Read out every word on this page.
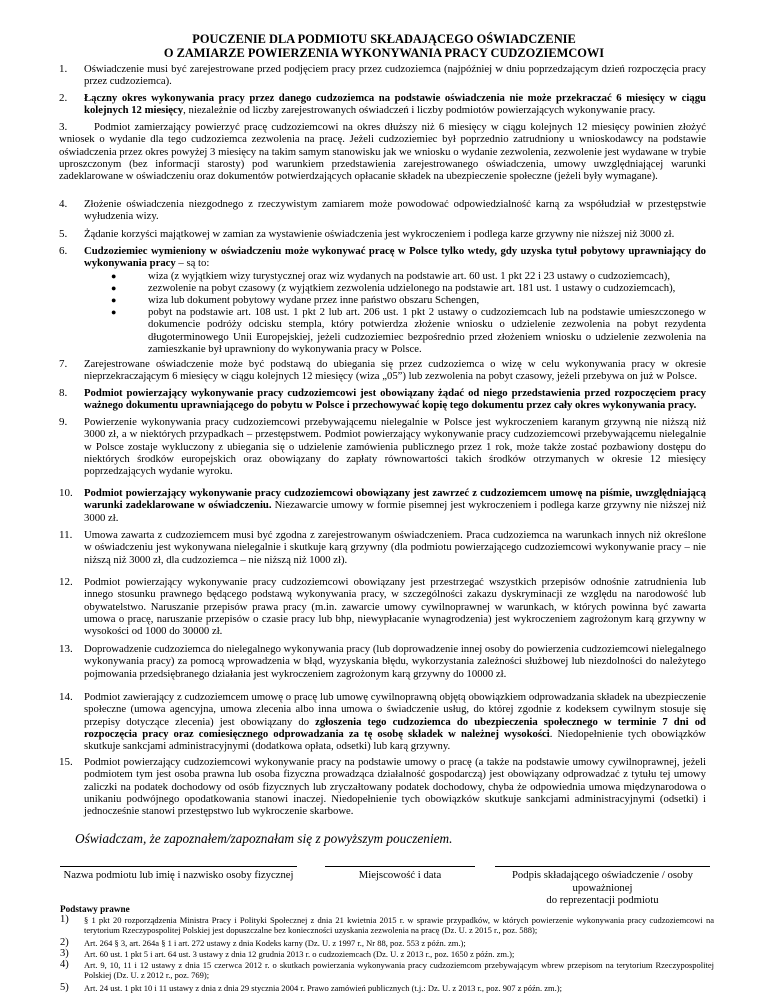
POUCZENIE DLA PODMIOTU SKŁADAJĄCEGO OŚWIADCZENIE
O ZAMIARZE POWIERZENIA WYKONYWANIA PRACY CUDZOZIEMCOWI
1. Oświadczenie musi być zarejestrowane przed podjęciem pracy przez cudzoziemca (najpóźniej w dniu poprzedzającym dzień rozpoczęcia pracy przez cudzoziemca).
2. Łączny okres wykonywania pracy przez danego cudzoziemca na podstawie oświadczenia nie może przekraczać 6 miesięcy w ciągu kolejnych 12 miesięcy, niezależnie od liczby zarejestrowanych oświadczeń i liczby podmiotów powierzających wykonywanie pracy.
3.	Podmiot zamierzający powierzyć pracę cudzoziemcowi na okres dłuższy niż 6 miesięcy w ciągu kolejnych 12 miesięcy powinien złożyć wniosek o wydanie dla tego cudzoziemca zezwolenia na pracę. Jeżeli cudzoziemiec był poprzednio zatrudniony u wnioskodawcy na podstawie oświadczenia przez okres powyżej 3 miesięcy na takim samym stanowisku jak we wniosku o wydanie zezwolenia, zezwolenie jest wydawane w trybie uproszczonym (bez informacji starosty) pod warunkiem przedstawienia zarejestrowanego oświadczenia, umowy uwzględniającej warunki zadeklarowane w oświadczeniu oraz dokumentów potwierdzających opłacanie składek na ubezpieczenie społeczne (jeżeli były wymagane).
4. Złożenie oświadczenia niezgodnego z rzeczywistym zamiarem może powodować odpowiedzialność karną za współudział w przestępstwie wyłudzenia wizy.
5. Żądanie korzyści majątkowej w zamian za wystawienie oświadczenia jest wykroczeniem i podlega karze grzywny nie niższej niż 3000 zł.
6. Cudzoziemiec wymieniony w oświadczeniu może wykonywać pracę w Polsce tylko wtedy, gdy uzyska tytuł pobytowy uprawniający do wykonywania pracy – są to:
●	wiza (z wyjątkiem wizy turystycznej oraz wiz wydanych na podstawie art. 60 ust. 1 pkt 22 i 23 ustawy o cudzoziemcach),
●	zezwolenie na pobyt czasowy (z wyjątkiem zezwolenia udzielonego na podstawie art. 181 ust. 1 ustawy o cudzoziemcach),
●	wiza lub dokument pobytowy wydane przez inne państwo obszaru Schengen,
●	pobyt na podstawie art. 108 ust. 1 pkt 2 lub art. 206 ust. 1 pkt 2 ustawy o cudzoziemcach lub na podstawie umieszczonego w dokumencie podróży odcisku stempla, który potwierdza złożenie wniosku o udzielenie zezwolenia na pobyt rezydenta długoterminowego Unii Europejskiej, jeżeli cudzoziemiec bezpośrednio przed złożeniem wniosku o udzielenie zezwolenia na zamieszkanie był uprawniony do wykonywania pracy w Polsce.
7. Zarejestrowane oświadczenie może być podstawą do ubiegania się przez cudzoziemca o wizę w celu wykonywania pracy w okresie nieprzekraczającym 6 miesięcy w ciągu kolejnych 12 miesięcy (wiza „05”) lub zezwolenia na pobyt czasowy, jeżeli przebywa on już w Polsce.
8. Podmiot powierzający wykonywanie pracy cudzoziemcowi jest obowiązany żądać od niego przedstawienia przed rozpoczęciem pracy ważnego dokumentu uprawniającego do pobytu w Polsce i przechowywać kopię tego dokumentu przez cały okres wykonywania pracy.
9. Powierzenie wykonywania pracy cudzoziemcowi przebywającemu nielegalnie w Polsce jest wykroczeniem karanym grzywną nie niższą niż 3000 zł, a w niektórych przypadkach – przestępstwem. Podmiot powierzający wykonywanie pracy cudzoziemcowi przebywającemu nielegalnie w Polsce zostaje wykluczony z ubiegania się o udzielenie zamówienia publicznego przez 1 rok, może także zostać pozbawiony dostępu do niektórych środków europejskich oraz obowiązany do zapłaty równowartości takich środków otrzymanych w okresie 12 miesięcy poprzedzających wydanie wyroku.
10. Podmiot powierzający wykonywanie pracy cudzoziemcowi obowiązany jest zawrzeć z cudzoziemcem umowę na piśmie, uwzględniającą warunki zadeklarowane w oświadczeniu. Niezawarcie umowy w formie pisemnej jest wykroczeniem i podlega karze grzywny nie niższej niż 3000 zł.
11. Umowa zawarta z cudzoziemcem musi być zgodna z zarejestrowanym oświadczeniem. Praca cudzoziemca na warunkach innych niż określone w oświadczeniu jest wykonywana nielegalnie i skutkuje karą grzywny (dla podmiotu powierzającego cudzoziemcowi wykonywanie pracy – nie niższą niż 3000 zł, dla cudzoziemca – nie niższą niż 1000 zł).
12. Podmiot powierzający wykonywanie pracy cudzoziemcowi obowiązany jest przestrzegać wszystkich przepisów odnośnie zatrudnienia lub innego stosunku prawnego będącego podstawą wykonywania pracy, w szczególności zakazu dyskryminacji ze względu na narodowość lub obywatelstwo. Naruszanie przepisów prawa pracy (m.in. zawarcie umowy cywilnoprawnej w warunkach, w których powinna być zawarta umowa o pracę, naruszanie przepisów o czasie pracy lub bhp, niewypłacanie wynagrodzenia) jest wykroczeniem zagrożonym karą grzywny w wysokości od 1000 do 30000 zł.
13. Doprowadzenie cudzoziemca do nielegalnego wykonywania pracy (lub doprowadzenie innej osoby do powierzenia cudzoziemcowi nielegalnego wykonywania pracy) za pomocą wprowadzenia w błąd, wyzyskania błędu, wykorzystania zależności służbowej lub niezdolności do należytego pojmowania przedsiębranego działania jest wykroczeniem zagrożonym karą grzywny do 10000 zł.
14. Podmiot zawierający z cudzoziemcem umowę o pracę lub umowę cywilnoprawną objętą obowiązkiem odprowadzania składek na ubezpieczenie społeczne (umowa agencyjna, umowa zlecenia albo inna umowa o świadczenie usług, do której zgodnie z kodeksem cywilnym stosuje się przepisy dotyczące zlecenia) jest obowiązany do zgłoszenia tego cudzoziemca do ubezpieczenia społecznego w terminie 7 dni od rozpoczęcia pracy oraz comiesięcznego odprowadzania za tę osobę składek w należnej wysokości. Niedopełnienie tych obowiązków skutkuje sankcjami administracyjnymi (dodatkowa opłata, odsetki) lub karą grzywny.
15. Podmiot powierzający cudzoziemcowi wykonywanie pracy na podstawie umowy o pracę (a także na podstawie umowy cywilnoprawnej, jeżeli podmiotem tym jest osoba prawna lub osoba fizyczna prowadząca działalność gospodarczą) jest obowiązany odprowadzać z tytułu tej umowy zaliczki na podatek dochodowy od osób fizycznych lub zryczałtowany podatek dochodowy, chyba że odpowiednia umowa międzynarodowa o unikaniu podwójnego opodatkowania stanowi inaczej. Niedopełnienie tych obowiązków skutkuje sankcjami administracyjnymi (odsetki) i jednocześnie stanowi przestępstwo lub wykroczenie skarbowe.
Oświadczam, że zapoznałem/zapoznałam się z powyższym pouczeniem.
Nazwa podmiotu lub imię i nazwisko osoby fizycznej	Miejscowość i data	Podpis składającego oświadczenie / osoby upoważnionej
do reprezentacji podmiotu
Podstawy prawne
1) § 1 pkt 20 rozporządzenia Ministra Pracy i Polityki Społecznej z dnia 21 kwietnia 2015 r. w sprawie przypadków, w których powierzenie wykonywania pracy cudzoziemcowi na terytorium Rzeczypospolitej Polskiej jest dopuszczalne bez konieczności uzyskania zezwolenia na pracę (Dz. U. z 2015 r., poz. 588);
2) Art. 264 § 3, art. 264a § 1 i art. 272 ustawy z dnia Kodeks karny (Dz. U. z 1997 r., Nr 88, poz. 553 z późn. zm.);
3) Art. 60 ust. 1 pkt 5 i art. 64 ust. 3 ustawy z dnia 12 grudnia 2013 r. o cudzoziemcach (Dz. U. z 2013 r., poz. 1650 z późn. zm.);
4) Art. 9, 10, 11 i 12 ustawy z dnia 15 czerwca 2012 r. o skutkach powierzania wykonywania pracy cudzoziemcom przebywającym wbrew przepisom na terytorium Rzeczypospolitej Polskiej (Dz. U. z 2012 r., poz. 769);
5) Art. 24 ust. 1 pkt 10 i 11 ustawy z dnia z dnia 29 stycznia 2004 r. Prawo zamówień publicznych (t.j.: Dz. U. z 2013 r., poz. 907 z późn. zm.);
